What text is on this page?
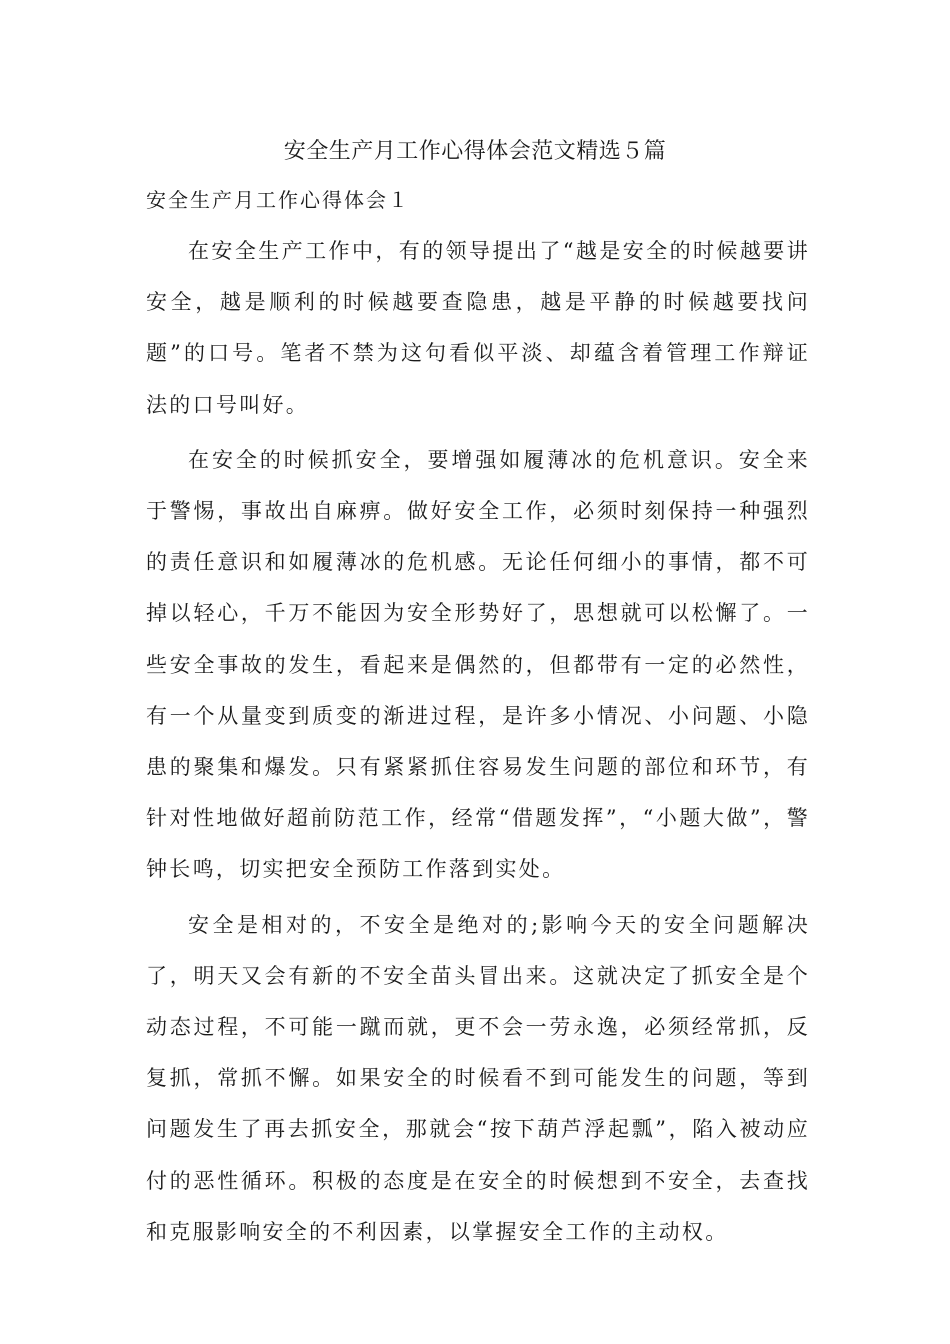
安全生产月工作心得体会范文精选５篇
安全生产月工作心得体会１

在安全生产工作中，有的领导提出了“越是安全的时候越要讲安全，越是顺利的时候越要查隐患，越是平静的时候越要找问题”的口号。笔者不禁为这句看似平淡、却蕴含着管理工作辩证法的口号叫好。

在安全的时候抓安全，要增强如履薄冰的危机意识。安全来于警惕，事故出自麻痹。做好安全工作，必须时刻保持一种强烈的责任意识和如履薄冰的危机感。无论任何细小的事情，都不可掉以轻心，千万不能因为安全形势好了，思想就可以松懈了。一些安全事故的发生，看起来是偶然的，但都带有一定的必然性，有一个从量变到质变的渐进过程，是许多小情况、小问题、小隐患的聚集和爆发。只有紧紧抓住容易发生问题的部位和环节，有针对性地做好超前防范工作，经常“借题发挥”，“小题大做”，警钟长鸣，切实把安全预防工作落到实处。

安全是相对的，不安全是绝对的;影响今天的安全问题解决了，明天又会有新的不安全苗头冒出来。这就决定了抓安全是个动态过程，不可能一蹴而就，更不会一劳永逸，必须经常抓，反复抓，常抓不懈。如果安全的时候看不到可能发生的问题，等到问题发生了再去抓安全，那就会“按下葫芦浮起瓢”，陷入被动应付的恶性循环。积极的态度是在安全的时候想到不安全，去查找和克服影响安全的不利因素，以掌握安全工作的主动权。
